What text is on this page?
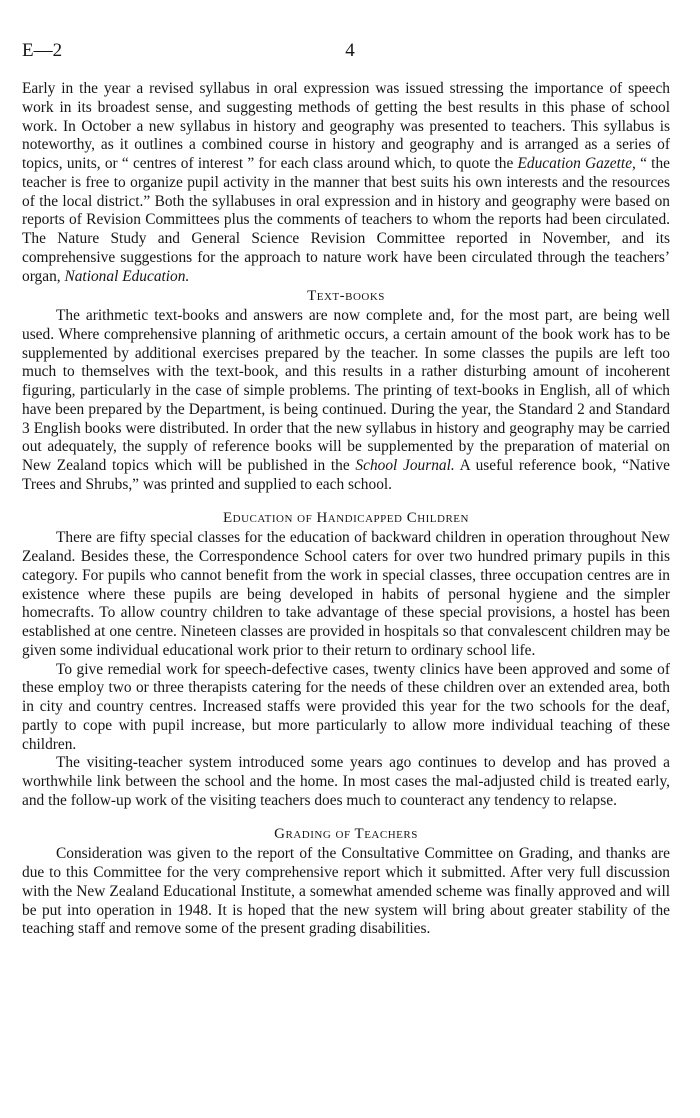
E—2	4

Early in the year a revised syllabus in oral expression was issued stressing the importance of speech work in its broadest sense, and suggesting methods of getting the best results in this phase of school work. In October a new syllabus in history and geography was presented to teachers. This syllabus is noteworthy, as it outlines a combined course in history and geography and is arranged as a series of topics, units, or “ centres of interest ” for each class around which, to quote the Education Gazette, “ the teacher is free to organize pupil activity in the manner that best suits his own interests and the resources of the local district.” Both the syllabuses in oral expression and in history and geography were based on reports of Revision Committees plus the comments of teachers to whom the reports had been circulated. The Nature Study and General Science Revision Committee reported in November, and its comprehensive suggestions for the approach to nature work have been circulated through the teachers’ organ, National Education.

Text-books

The arithmetic text-books and answers are now complete and, for the most part, are being well used. Where comprehensive planning of arithmetic occurs, a certain amount of the book work has to be supplemented by additional exercises prepared by the teacher. In some classes the pupils are left too much to themselves with the text-book, and this results in a rather disturbing amount of incoherent figuring, particularly in the case of simple problems. The printing of text-books in English, all of which have been prepared by the Department, is being continued. During the year, the Standard 2 and Standard 3 English books were distributed. In order that the new syllabus in history and geography may be carried out adequately, the supply of reference books will be supplemented by the preparation of material on New Zealand topics which will be published in the School Journal. A useful reference book, “Native Trees and Shrubs,” was printed and supplied to each school.

Education of Handicapped Children

There are fifty special classes for the education of backward children in operation throughout New Zealand. Besides these, the Correspondence School caters for over two hundred primary pupils in this category. For pupils who cannot benefit from the work in special classes, three occupation centres are in existence where these pupils are being developed in habits of personal hygiene and the simpler homecrafts. To allow country children to take advantage of these special provisions, a hostel has been established at one centre. Nineteen classes are provided in hospitals so that convalescent children may be given some individual educational work prior to their return to ordinary school life.

To give remedial work for speech-defective cases, twenty clinics have been approved and some of these employ two or three therapists catering for the needs of these children over an extended area, both in city and country centres. Increased staffs were provided this year for the two schools for the deaf, partly to cope with pupil increase, but more particularly to allow more individual teaching of these children.

The visiting-teacher system introduced some years ago continues to develop and has proved a worthwhile link between the school and the home. In most cases the mal-adjusted child is treated early, and the follow-up work of the visiting teachers does much to counteract any tendency to relapse.

Grading of Teachers

Consideration was given to the report of the Consultative Committee on Grading, and thanks are due to this Committee for the very comprehensive report which it submitted. After very full discussion with the New Zealand Educational Institute, a somewhat amended scheme was finally approved and will be put into operation in 1948. It is hoped that the new system will bring about greater stability of the teaching staff and remove some of the present grading disabilities.
